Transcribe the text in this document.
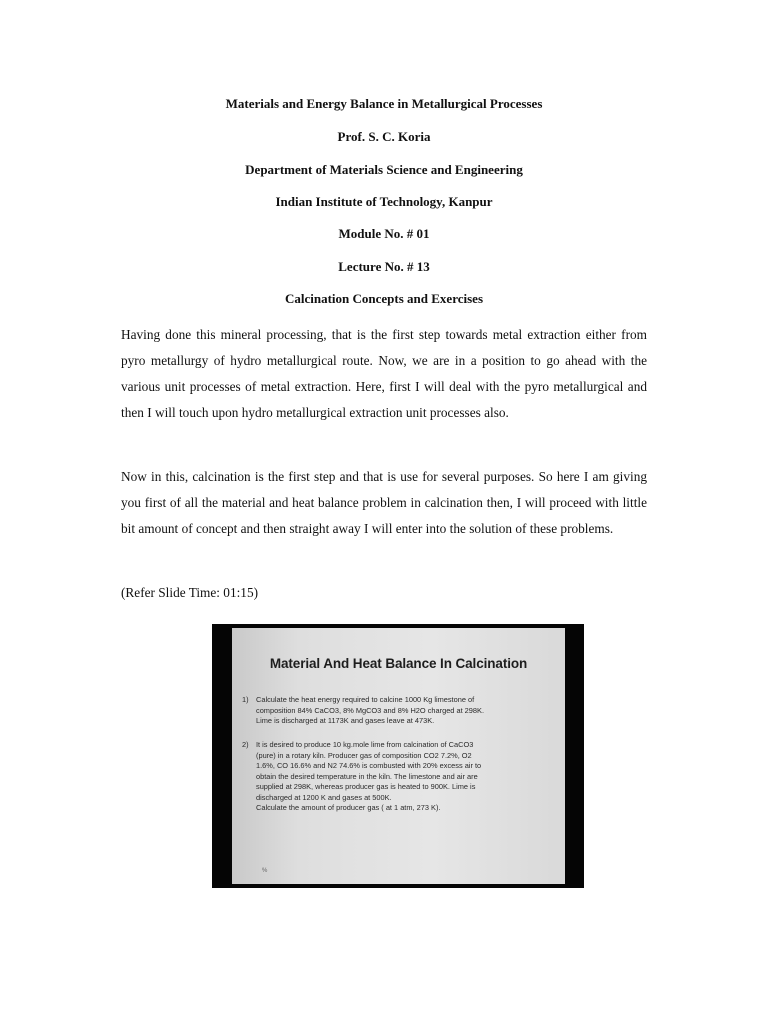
Materials and Energy Balance in Metallurgical Processes

Prof. S. C. Koria

Department of Materials Science and Engineering

Indian Institute of Technology, Kanpur

Module No. # 01

Lecture No. # 13

Calcination Concepts and Exercises

Having done this mineral processing, that is the first step towards metal extraction either from pyro metallurgy of hydro metallurgical route. Now, we are in a position to go ahead with the various unit processes of metal extraction. Here, first I will deal with the pyro metallurgical and then I will touch upon hydro metallurgical extraction unit processes also.

Now in this, calcination is the first step and that is use for several purposes. So here I am giving you first of all the material and heat balance problem in calcination then, I will proceed with little bit amount of concept and then straight away I will enter into the solution of these problems.

(Refer Slide Time: 01:15)

Material And Heat Balance In Calcination
1) Calculate the heat energy required to calcine 1000 Kg limestone of
composition 84% CaCO3, 8% MgCO3 and 8% H2O charged at 298K.
Lime is discharged at 1173K and gases leave at 473K.
2) It is desired to produce 10 kg.mole lime from calcination of CaCO3
(pure) in a rotary kiln. Producer gas of composition CO2 7.2%, O2
1.6%, CO 16.6% and N2 74.6% is combusted with 20% excess air to
obtain the desired temperature in the kiln. The limestone and air are
supplied at 298K, whereas producer gas is heated to 900K. Lime is
discharged at 1200 K and gases at 500K.
Calculate the amount of producer gas ( at 1 atm, 273 K).
%
